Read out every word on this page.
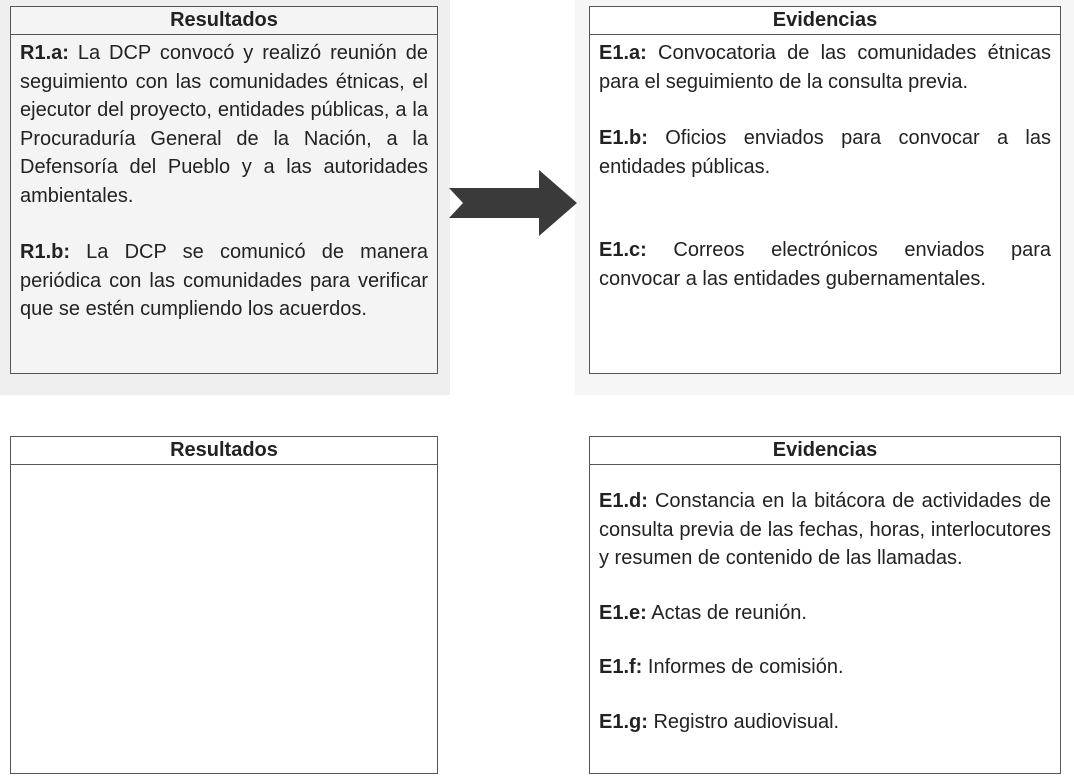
Resultados

R1.a: La DCP convocó y realizó reunión de seguimiento con las comunidades étnicas, el ejecutor del proyecto, entidades públicas, a la Procuraduría General de la Nación, a la Defensoría del Pueblo y a las autoridades ambientales.

R1.b: La DCP se comunicó de manera periódica con las comunidades para verificar que se estén cumpliendo los acuerdos.

Evidencias

E1.a: Convocatoria de las comunidades étnicas para el seguimiento de la consulta previa.

E1.b: Oficios enviados para convocar a las entidades públicas.

E1.c: Correos electrónicos enviados para convocar a las entidades gubernamentales.

Resultados	Evidencias

E1.d: Constancia en la bitácora de actividades de consulta previa de las fechas, horas, interlocutores y resumen de contenido de las llamadas.

E1.e: Actas de reunión.

E1.f: Informes de comisión.

E1.g: Registro audiovisual.
